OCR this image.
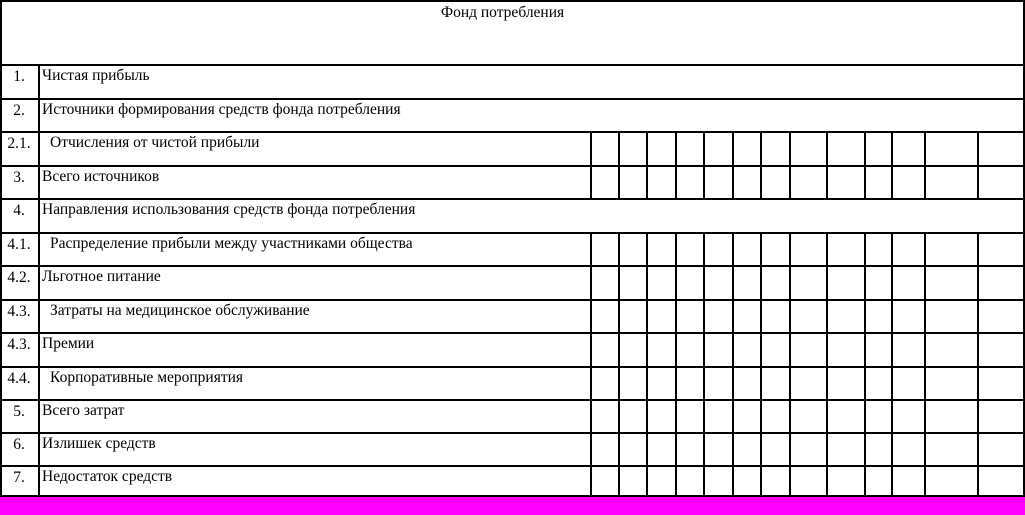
Фонд потребления
1.	Чистая прибыль
2.	Источники формирования средств фонда потребления
2.1.	Отчисления от чистой прибыли
3.	Всего источников
4.	Направления использования средств фонда потребления
4.1.	Распределение прибыли между участниками общества
4.2. Льготное питание
4.3.	Затраты на медицинское обслуживание
4.3. Премии
4.4.	Корпоративные мероприятия
5.	Всего затрат
6.	Излишек средств
7.	Недостаток средств
